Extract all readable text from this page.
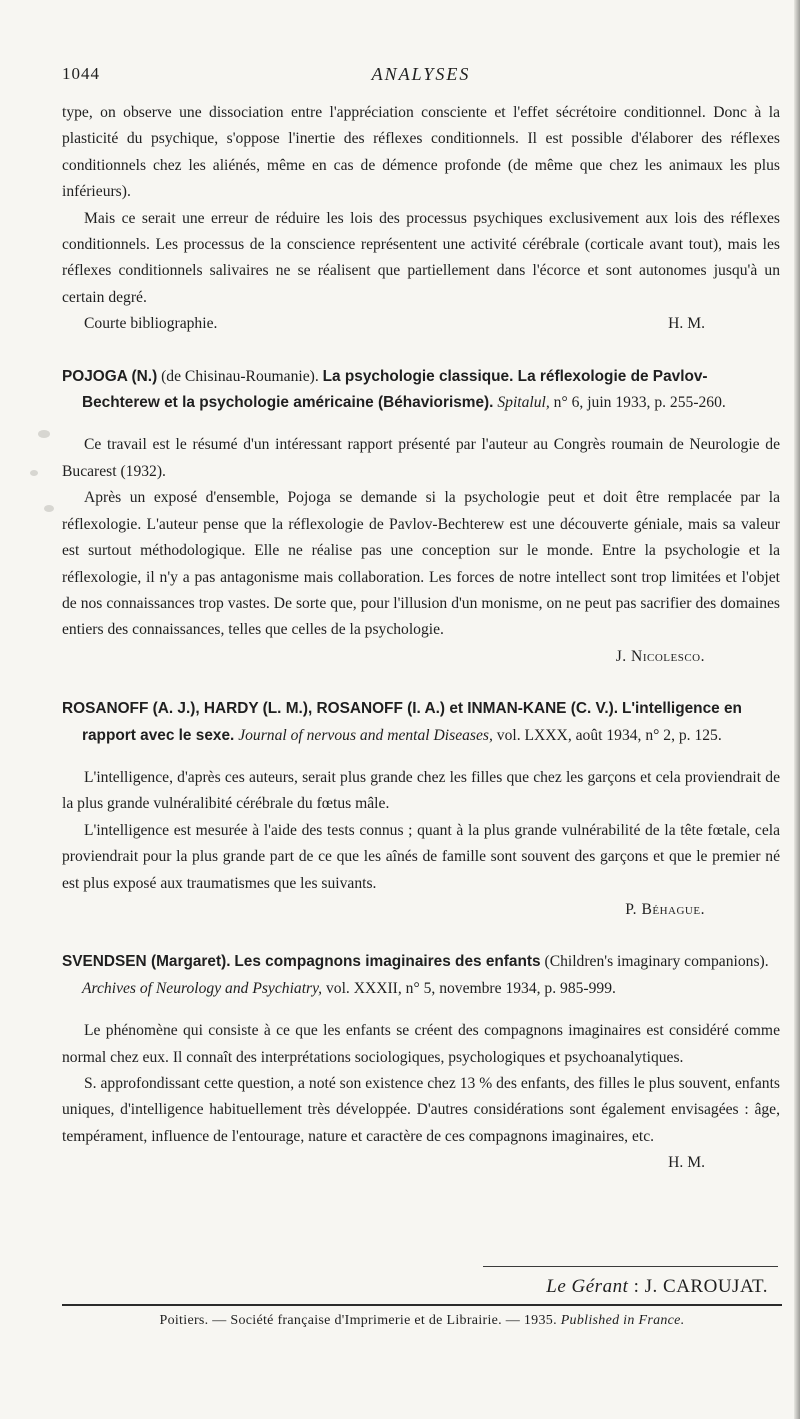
1044	ANALYSES

type, on observe une dissociation entre l'appréciation consciente et l'effet sécrétoire conditionnel. Donc à la plasticité du psychique, s'oppose l'inertie des réflexes conditionnels. Il est possible d'élaborer des réflexes conditionnels chez les aliénés, même en cas de démence profonde (de même que chez les animaux les plus inférieurs).

Mais ce serait une erreur de réduire les lois des processus psychiques exclusivement aux lois des réflexes conditionnels. Les processus de la conscience représentent une activité cérébrale (corticale avant tout), mais les réflexes conditionnels salivaires ne se réalisent que partiellement dans l'écorce et sont autonomes jusqu'à un certain degré.

Courte bibliographie.	H. M.

POJOGA (N.) (de Chisinau-Roumanie). La psychologie classique. La réflexologie de Pavlov-Bechterew et la psychologie américaine (Béhaviorisme). Spitalul, n° 6, juin 1933, p. 255-260.

Ce travail est le résumé d'un intéressant rapport présenté par l'auteur au Congrès roumain de Neurologie de Bucarest (1932).

Après un exposé d'ensemble, Pojoga se demande si la psychologie peut et doit être remplacée par la réflexologie. L'auteur pense que la réflexologie de Pavlov-Bechterew est une découverte géniale, mais sa valeur est surtout méthodologique. Elle ne réalise pas une conception sur le monde. Entre la psychologie et la réflexologie, il n'y a pas antagonisme mais collaboration. Les forces de notre intellect sont trop limitées et l'objet de nos connaissances trop vastes. De sorte que, pour l'illusion d'un monisme, on ne peut pas sacrifier des domaines entiers des connaissances, telles que celles de la psychologie.

J. Nicolesco.

ROSANOFF (A. J.), HARDY (L. M.), ROSANOFF (I. A.) et INMAN-KANE (C. V.). L'intelligence en rapport avec le sexe. Journal of nervous and mental Diseases, vol. LXXX, août 1934, n° 2, p. 125.

L'intelligence, d'après ces auteurs, serait plus grande chez les filles que chez les garçons et cela proviendrait de la plus grande vulnéralibité cérébrale du fœtus mâle.

L'intelligence est mesurée à l'aide des tests connus ; quant à la plus grande vulnérabilité de la tête fœtale, cela proviendrait pour la plus grande part de ce que les aînés de famille sont souvent des garçons et que le premier né est plus exposé aux traumatismes que les suivants.

P. Béhague.

SVENDSEN (Margaret). Les compagnons imaginaires des enfants (Children's imaginary companions). Archives of Neurology and Psychiatry, vol. XXXII, n° 5, novembre 1934, p. 985-999.

Le phénomène qui consiste à ce que les enfants se créent des compagnons imaginaires est considéré comme normal chez eux. Il connaît des interprétations sociologiques, psychologiques et psychoanalytiques.

S. approfondissant cette question, a noté son existence chez 13 % des enfants, des filles le plus souvent, enfants uniques, d'intelligence habituellement très développée. D'autres considérations sont également envisagées : âge, tempérament, influence de l'entourage, nature et caractère de ces compagnons imaginaires, etc.

H. M.

Le Gérant : J. CAROUJAT.
Poitiers. — Société française d'Imprimerie et de Librairie. — 1935. Published in France.
